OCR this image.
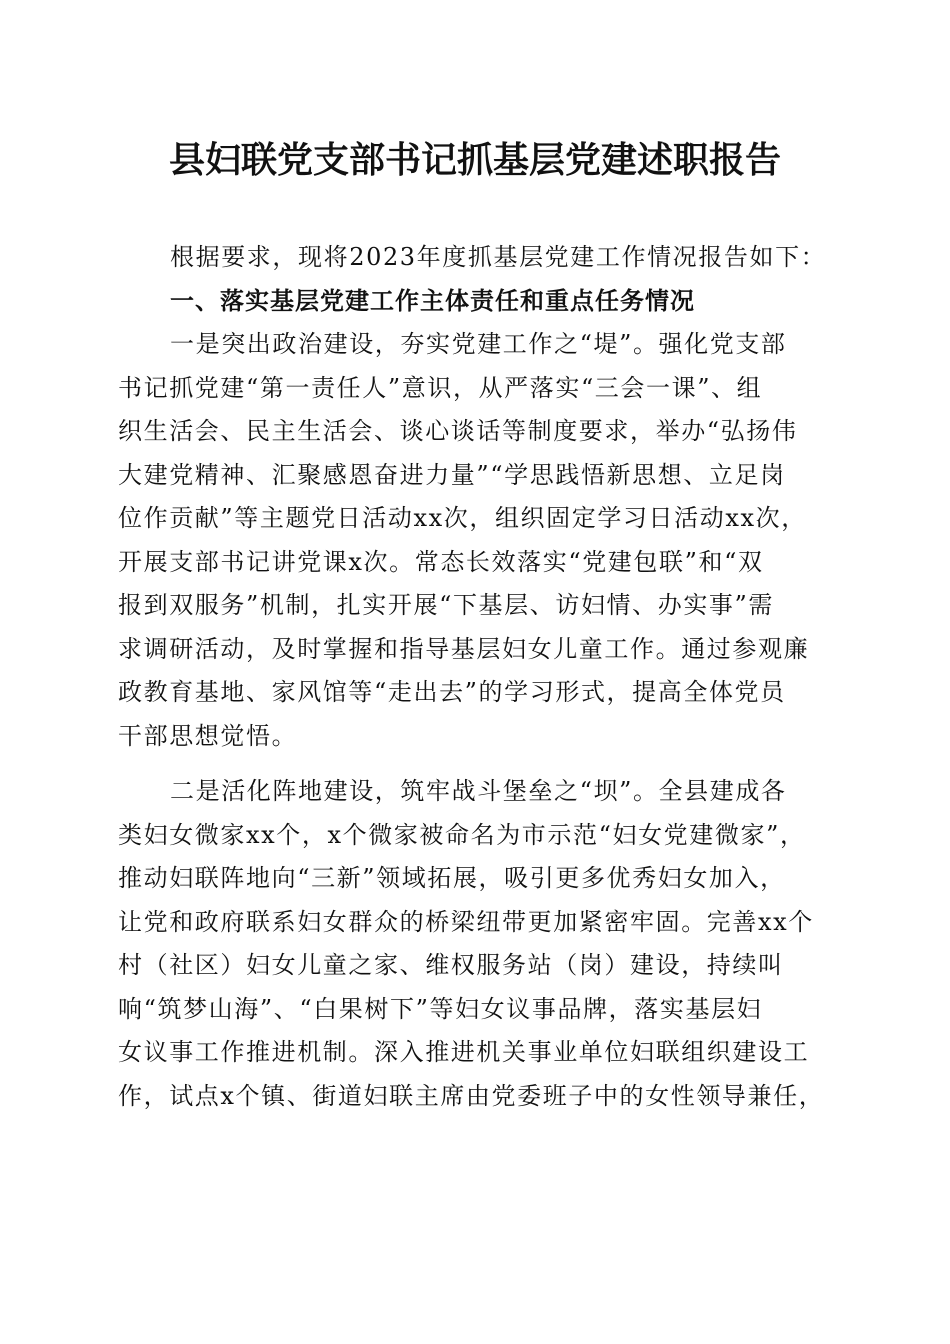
县妇联党支部书记抓基层党建述职报告
根据要求，现将2023年度抓基层党建工作情况报告如下：
一、落实基层党建工作主体责任和重点任务情况
一是突出政治建设，夯实党建工作之“堤”。强化党支部
书记抓党建“第一责任人”意识，从严落实“三会一课”、组
织生活会、民主生活会、谈心谈话等制度要求，举办“弘扬伟
大建党精神、汇聚感恩奋进力量”“学思践悟新思想、立足岗
位作贡献”等主题党日活动xx次，组织固定学习日活动xx次，
开展支部书记讲党课x次。常态长效落实“党建包联”和“双
报到双服务”机制，扎实开展“下基层、访妇情、办实事”需
求调研活动，及时掌握和指导基层妇女儿童工作。通过参观廉
政教育基地、家风馆等“走出去”的学习形式，提高全体党员
干部思想觉悟。
二是活化阵地建设，筑牢战斗堡垒之“坝”。全县建成各
类妇女微家xx个，x个微家被命名为市示范“妇女党建微家”，
推动妇联阵地向“三新”领域拓展，吸引更多优秀妇女加入，
让党和政府联系妇女群众的桥梁纽带更加紧密牢固。完善xx个
村（社区）妇女儿童之家、维权服务站（岗）建设，持续叫
响“筑梦山海”、“白果树下”等妇女议事品牌，落实基层妇
女议事工作推进机制。深入推进机关事业单位妇联组织建设工
作，试点x个镇、街道妇联主席由党委班子中的女性领导兼任，
